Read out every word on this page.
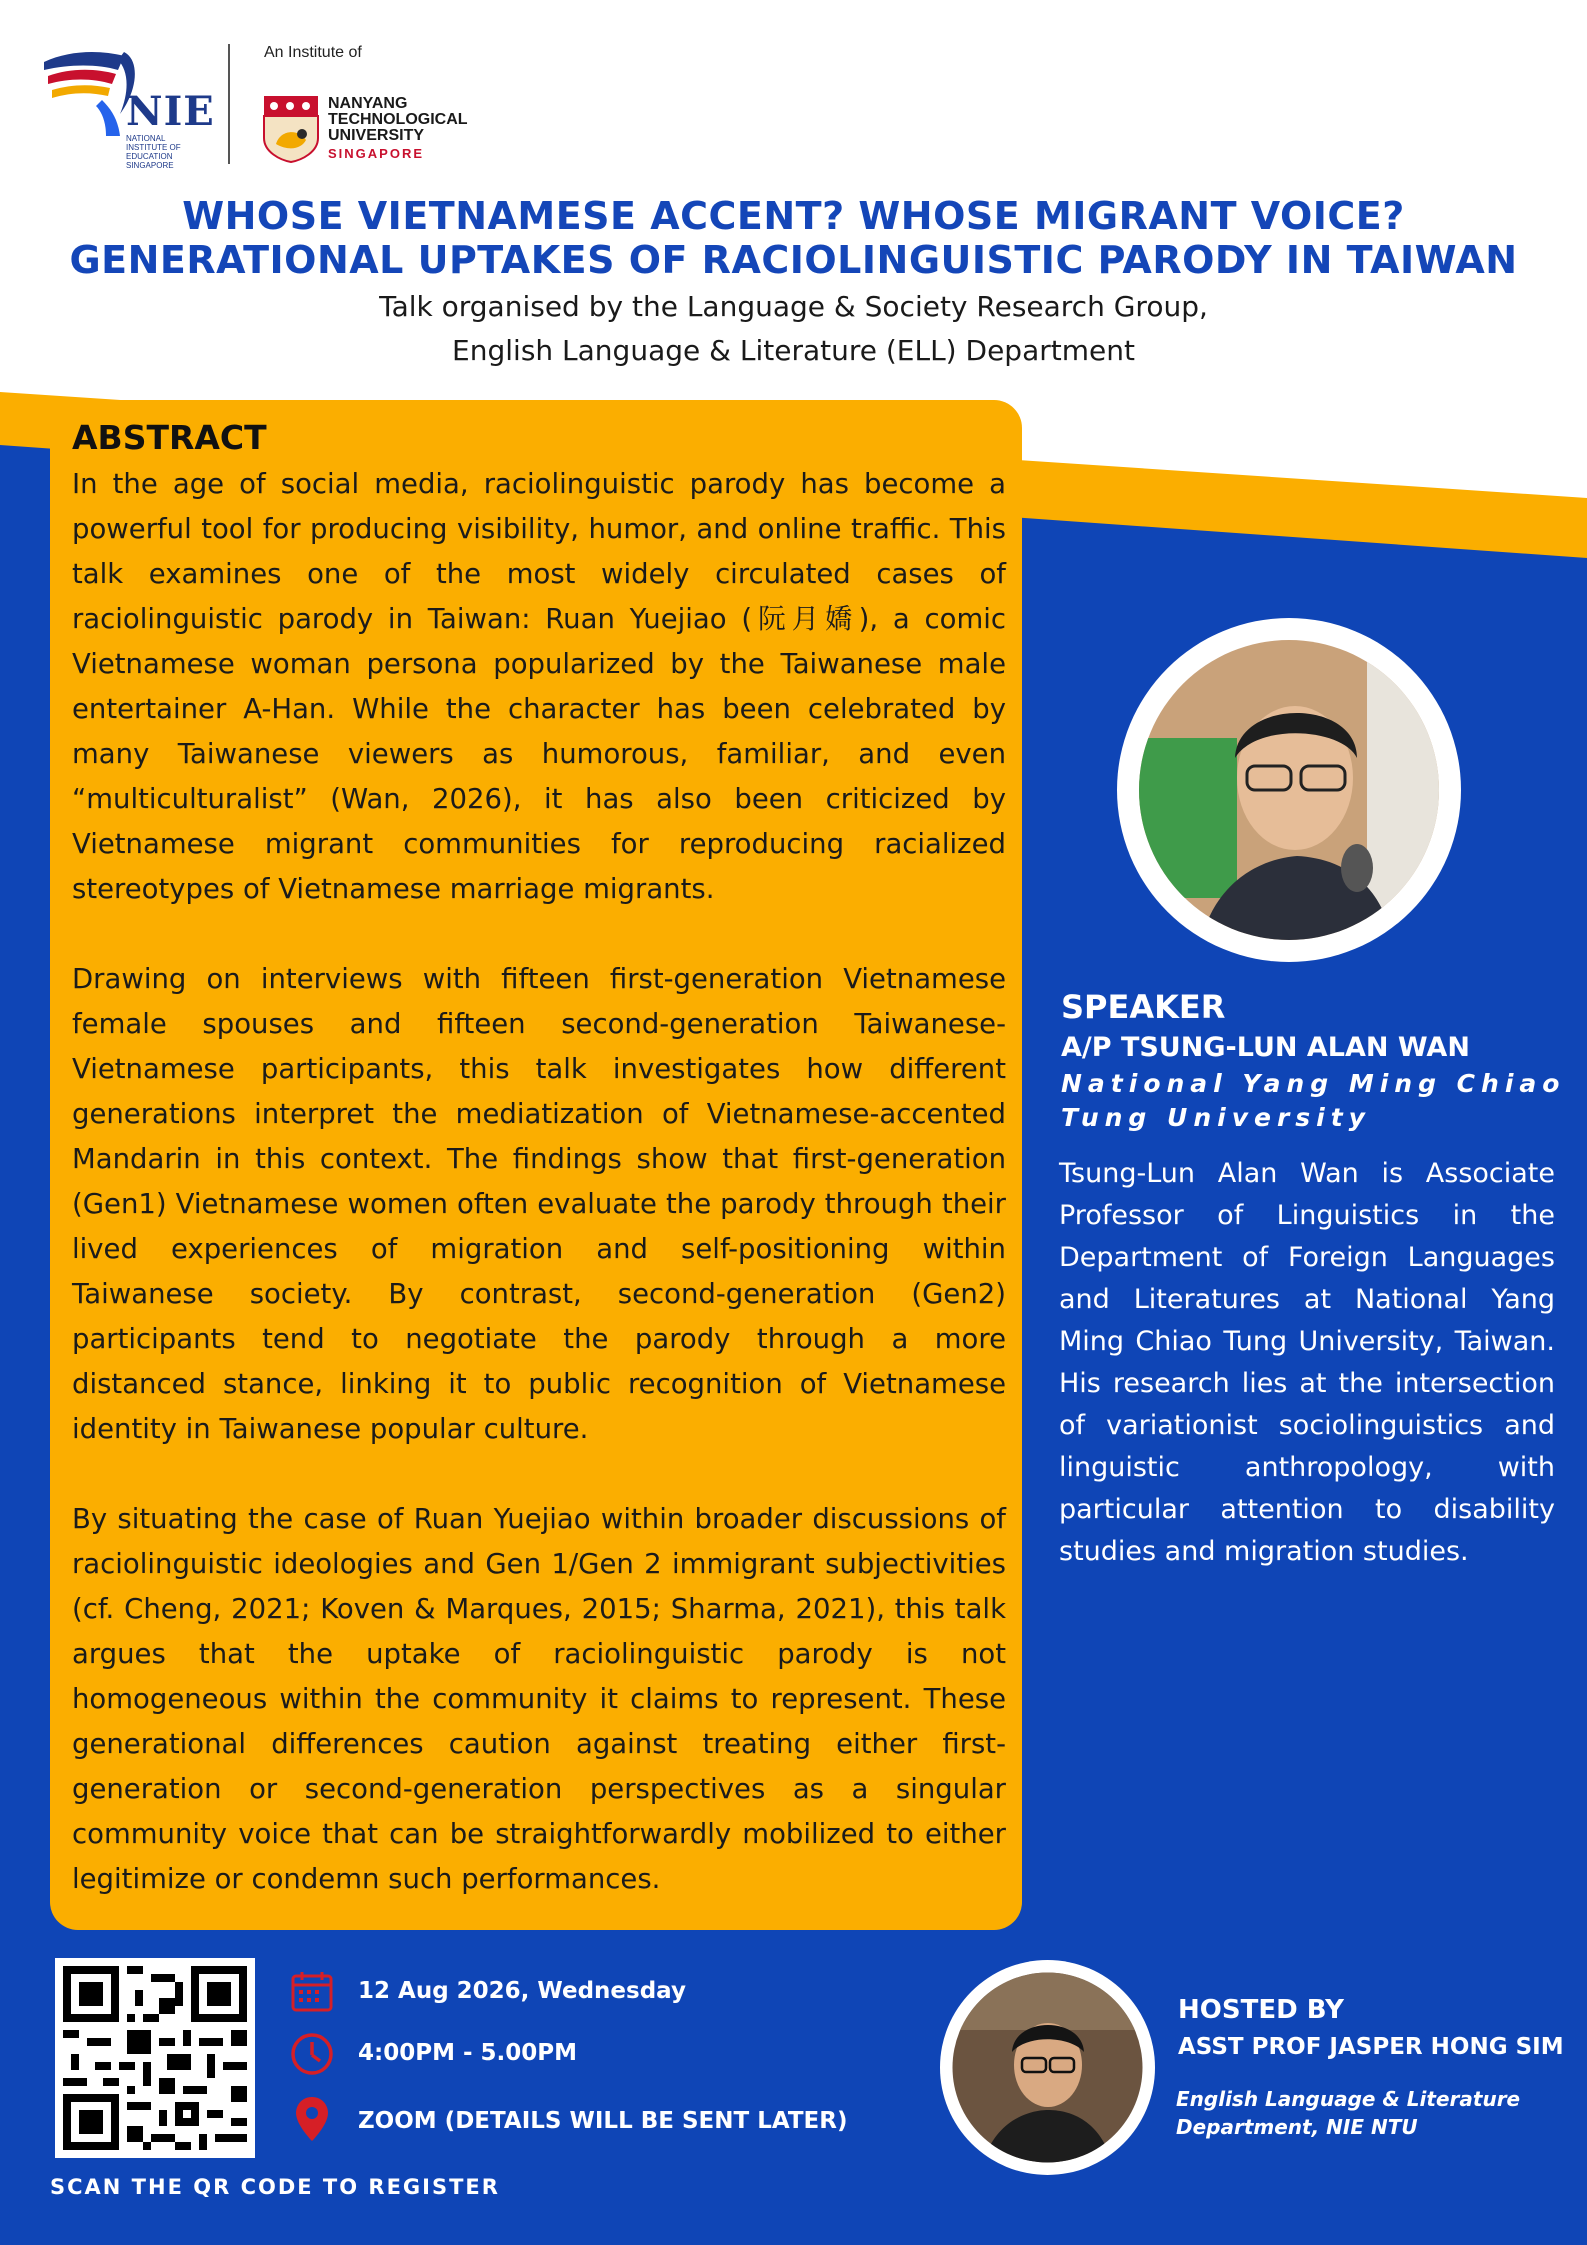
NIE
NATIONAL INSTITUTE OF EDUCATION SINGAPORE
An Institute of
NANYANG
TECHNOLOGICAL
UNIVERSITY
SINGAPORE
WHOSE VIETNAMESE ACCENT? WHOSE MIGRANT VOICE?
GENERATIONAL UPTAKES OF RACIOLINGUISTIC PARODY IN TAIWAN
Talk organised by the Language & Society Research Group,
English Language & Literature (ELL) Department
ABSTRACT

In the age of social media, raciolinguistic parody has become a powerful tool for producing visibility, humor, and online traffic. This talk examines one of the most widely circulated cases of raciolinguistic parody in Taiwan: Ruan Yuejiao (阮月嬌), a comic Vietnamese woman persona popularized by the Taiwanese male entertainer A-Han. While the character has been celebrated by many Taiwanese viewers as humorous, familiar, and even “multiculturalist” (Wan, 2026), it has also been criticized by Vietnamese migrant communities for reproducing racialized stereotypes of Vietnamese marriage migrants.

Drawing on interviews with fifteen first-generation Vietnamese female spouses and fifteen second-generation Taiwanese-Vietnamese participants, this talk investigates how different generations interpret the mediatization of Vietnamese-accented Mandarin in this context. The findings show that first-generation (Gen1) Vietnamese women often evaluate the parody through their lived experiences of migration and self-positioning within Taiwanese society. By contrast, second-generation (Gen2) participants tend to negotiate the parody through a more distanced stance, linking it to public recognition of Vietnamese identity in Taiwanese popular culture.

By situating the case of Ruan Yuejiao within broader discussions of raciolinguistic ideologies and Gen 1/Gen 2 immigrant subjectivities (cf. Cheng, 2021; Koven & Marques, 2015; Sharma, 2021), this talk argues that the uptake of raciolinguistic parody is not homogeneous within the community it claims to represent. These generational differences caution against treating either first-generation or second-generation perspectives as a singular community voice that can be straightforwardly mobilized to either legitimize or condemn such performances.

SPEAKER
A/P TSUNG-LUN ALAN WAN
National Yang Ming Chiao
Tung University
Tsung-Lun Alan Wan is Associate Professor of Linguistics in the Department of Foreign Languages and Literatures at National Yang Ming Chiao Tung University, Taiwan. His research lies at the intersection of variationist sociolinguistics and linguistic anthropology, with particular attention to disability studies and migration studies.
SCAN THE QR CODE TO REGISTER
12 Aug 2026, Wednesday
4:00PM - 5.00PM
ZOOM (DETAILS WILL BE SENT LATER)
HOSTED BY
ASST PROF JASPER HONG SIM
English Language & Literature
Department, NIE NTU
